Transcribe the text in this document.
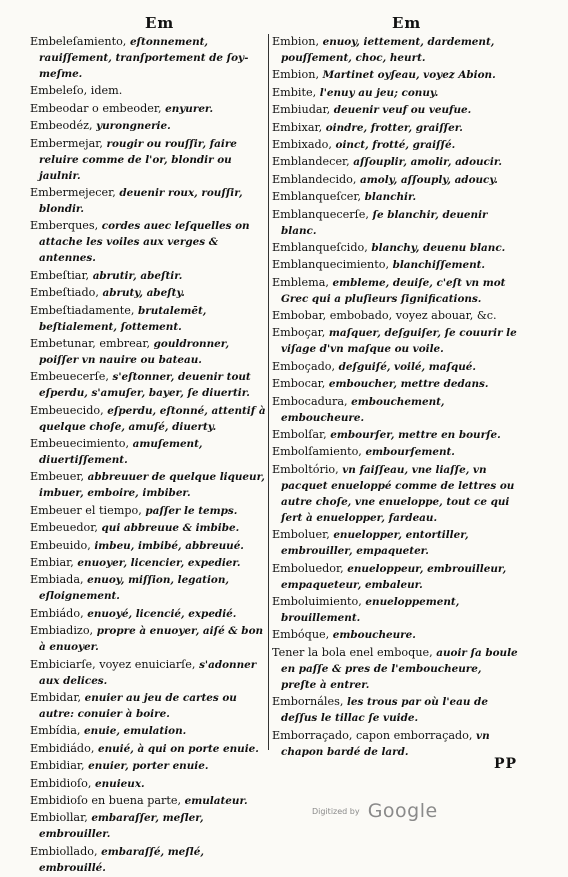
Em	Em
Embeleſamiento, eſtonnement, rauiſſement, tranſportement de ſoy-meſme.
Embeleſo, idem.
Embeodar o embeoder, enyurer.
Embeodéz, yurongnerie.
Embermejar, rougir ou rouſſir, faire reluire comme de l'or, blondir ou jaulnir.
Embermejecer, deuenir roux, rouſſir, blondir.
Emberques, cordes auec leſquelles on attache les voiles aux verges & antennes.
Embeſtiar, abrutir, abeſtir.
Embeſtiado, abruty, abeſty.
Embeſtiadamente, brutalemēt, beſtialement, ſottement.
Embetunar, embrear, gouldronner, poiſſer vn nauire ou bateau.
Embeuecerſe, s'eſtonner, deuenir tout eſperdu, s'amuſer, bayer, ſe diuertir.
Embeuecido, eſperdu, eſtonné, attentif à quelque choſe, amuſé, diuerty.
Embeuecimiento, amuſement, diuertiſſement.
Embeuer, abbreuuer de quelque liqueur, imbuer, emboire, imbiber.
Embeuer el tiempo, paſſer le temps.
Embeuedor, qui abbreuue & imbibe.
Embeuido, imbeu, imbibé, abbreuué.
Embiar, enuoyer, licencier, expedier.
Embiada, enuoy, miſſion, legation, eſloignement.
Embiádo, enuoyé, licencié, expedié.
Embiadizo, propre à enuoyer, aiſé & bon à enuoyer.
Embiciarſe, voyez enuiciarſe, s'adonner aux delices.
Embidar, enuier au jeu de cartes ou autre: conuier à boire.
Embídia, enuie, emulation.
Embidiádo, enuié, à qui on porte enuie.
Embidiar, enuier, porter enuie.
Embidioſo, enuieux.
Embidioſo en buena parte, emulateur.
Embiollar, embaraſſer, meſler, embrouiller.
Embiollado, embaraſſé, meſlé, embrouillé.
Embion, enuoy, iettement, dardement, pouſſement, choc, heurt.
Embion, Martinet oyſeau, voyez Abion.
Embite, l'enuy au jeu; conuy.
Embiudar, deuenir veuf ou veufue.
Embixar, oindre, frotter, graiſſer.
Embixado, oinct, frotté, graiſſé.
Emblandecer, aſſouplir, amolir, adoucir.
Emblandecido, amoly, aſſouply, adoucy.
Emblanqueſcer, blanchir.
Emblanquecerſe, ſe blanchir, deuenir blanc.
Emblanqueſcido, blanchy, deuenu blanc.
Emblanquecimiento, blanchiſſement.
Emblema, embleme, deuiſe, c'eſt vn mot Grec qui a pluſieurs ſignifications.
Embobar, embobado, voyez abouar, &c.
Emboçar, maſquer, deſguiſer, ſe couurir le viſage d'vn maſque ou voile.
Emboçado, deſguiſé, voilé, maſqué.
Embocar, emboucher, mettre dedans.
Embocadura, embouchement, emboucheure.
Embolſar, embourſer, mettre en bourſe.
Embolſamiento, embourſement.
Emboltório, vn faiſſeau, vne liaſſe, vn pacquet enueloppé comme de lettres ou autre choſe, vne enueloppe, tout ce qui ſert à enuelopper, fardeau.
Emboluer, enuelopper, entortiller, embrouiller, empaqueter.
Emboluedor, enueloppeur, embrouilleur, empaqueteur, embaleur.
Emboluimiento, enueloppement, brouillement.
Embóque, emboucheure.
Tener la bola enel emboque, auoir ſa boule en paſſe & pres de l'emboucheure, preſte à entrer.
Embornáles, les trous par où l'eau de deſſus le tillac ſe vuide.
Emborraçado, capon emborraçado, vn chapon bardé de lard.
PP
Digitized by Google
